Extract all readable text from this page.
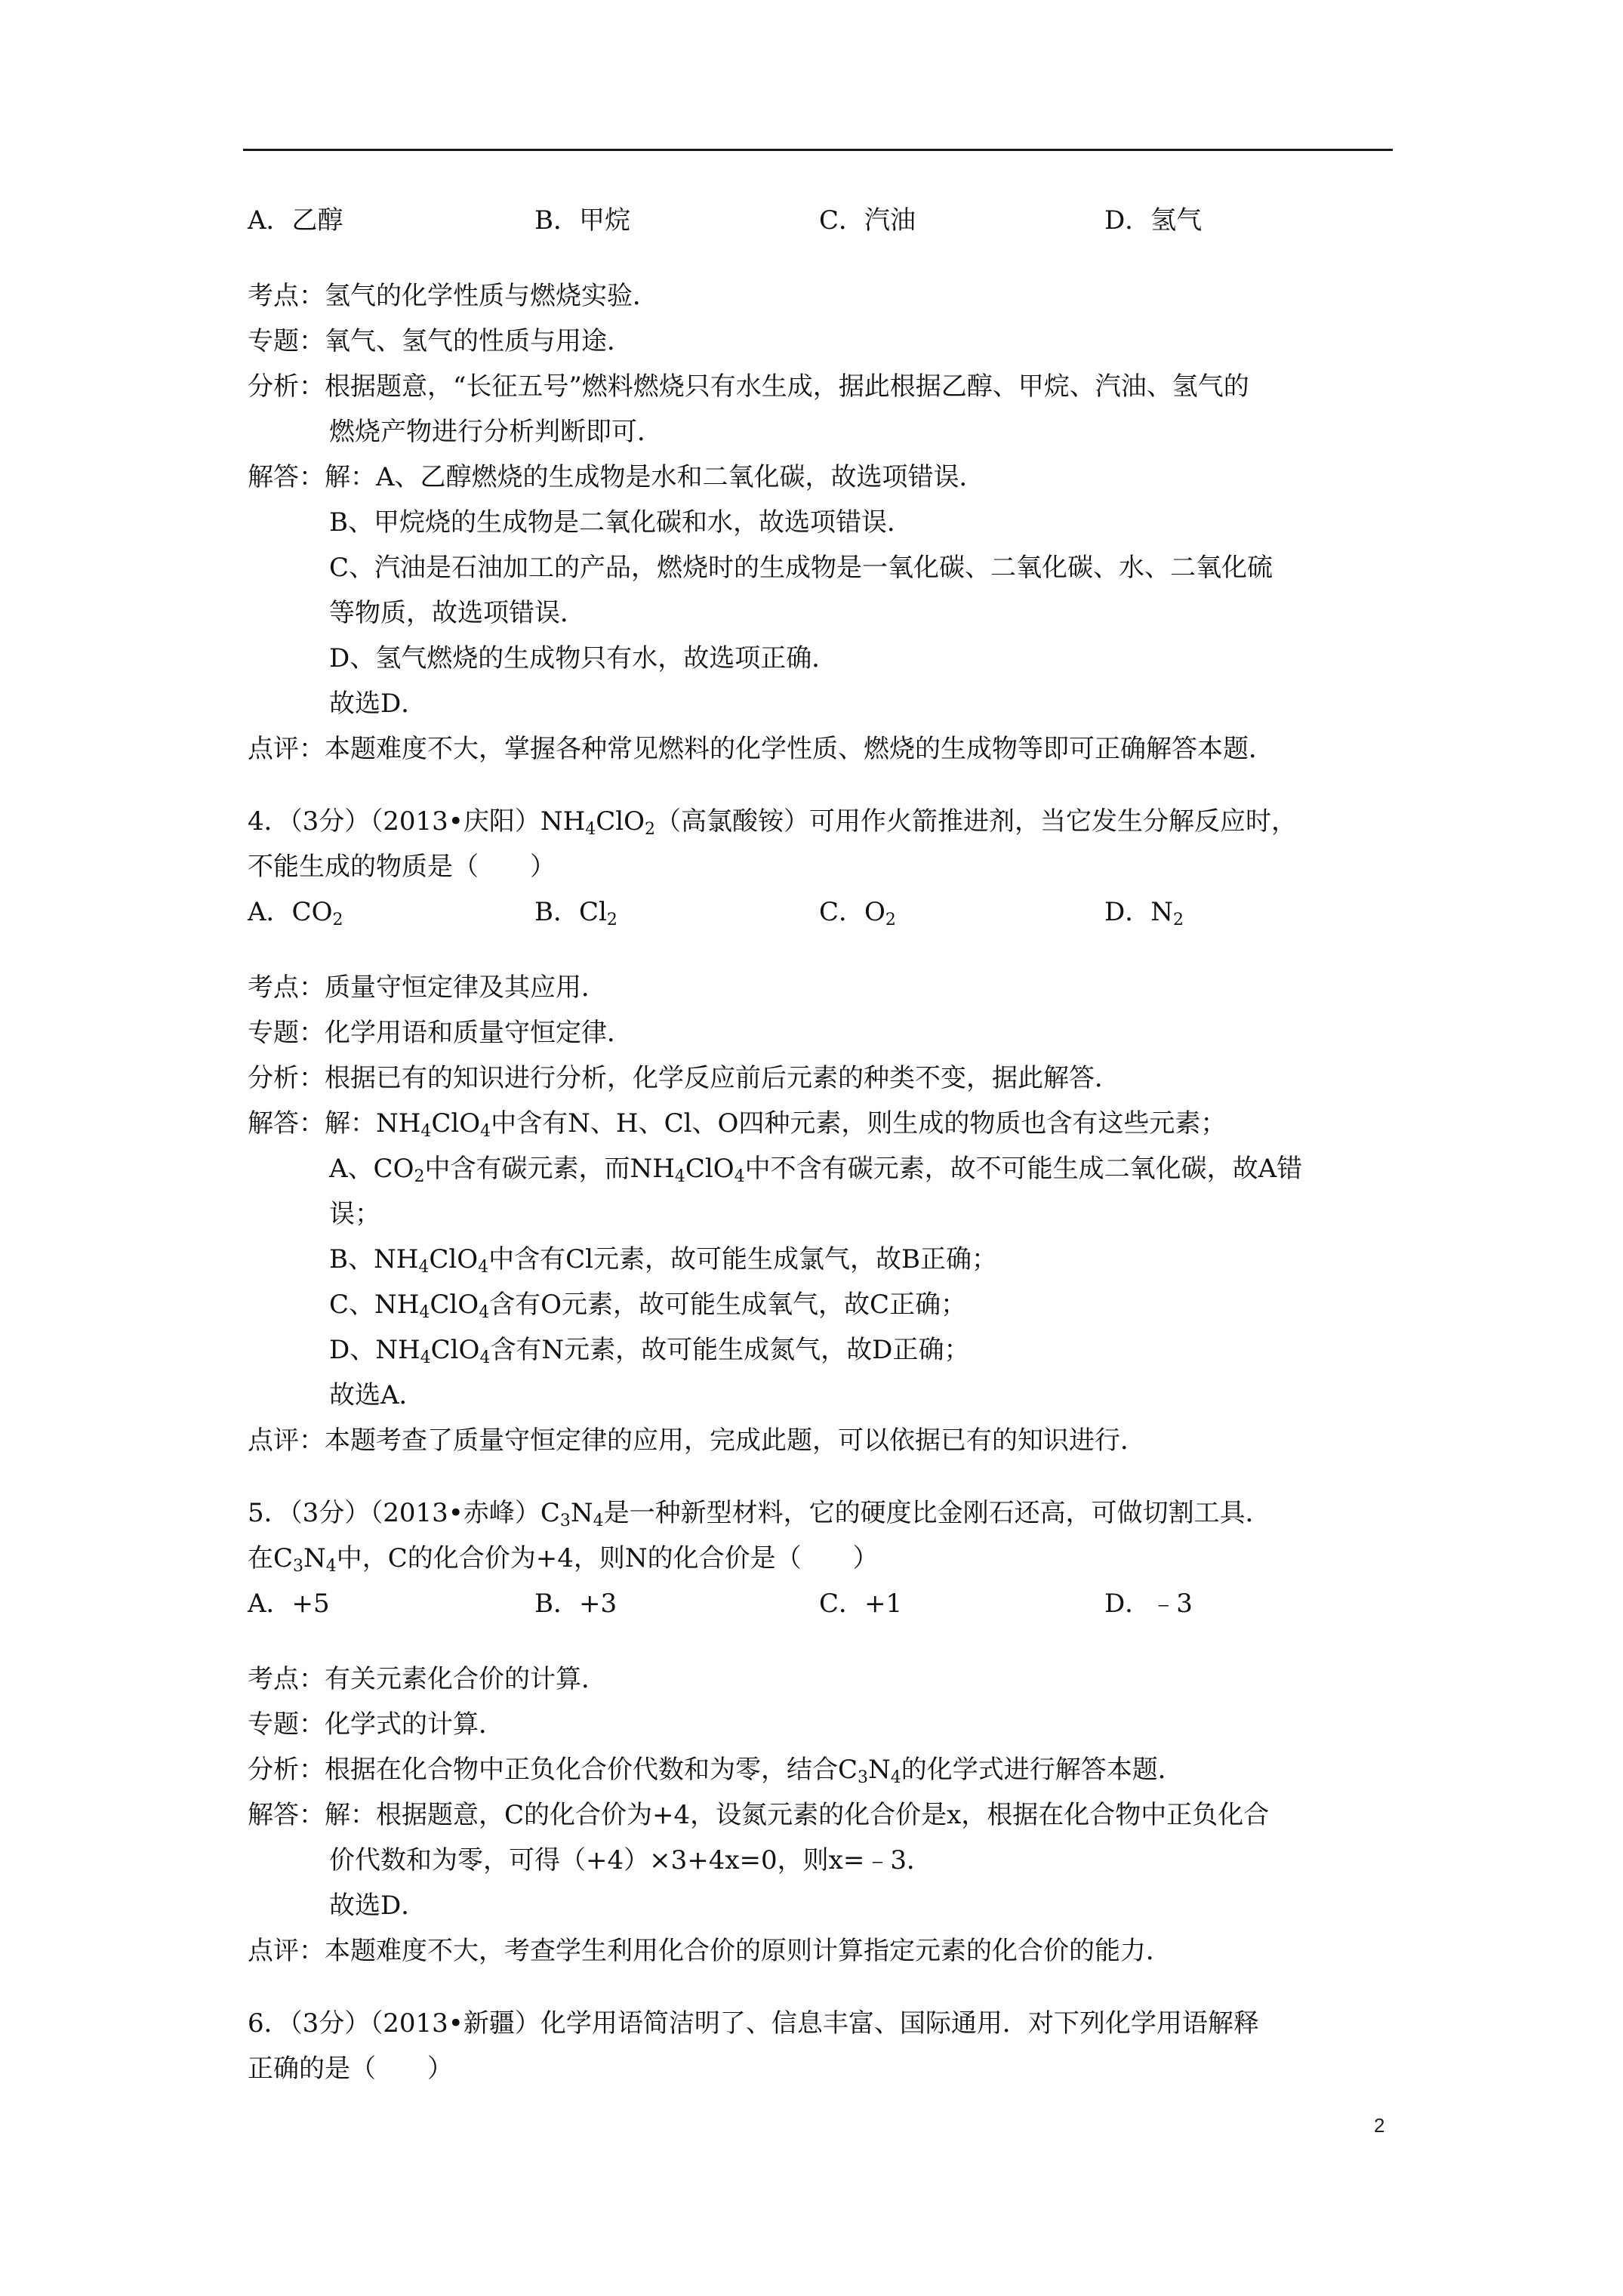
A．乙醇	B．甲烷	C．汽油	D．氢气
考点：氢气的化学性质与燃烧实验．
专题：氧气、氢气的性质与用途．
分析：根据题意，“长征五号”燃料燃烧只有水生成，据此根据乙醇、甲烷、汽油、氢气的
燃烧产物进行分析判断即可．
解答：解：A、乙醇燃烧的生成物是水和二氧化碳，故选项错误．
B、甲烷烧的生成物是二氧化碳和水，故选项错误．
C、汽油是石油加工的产品，燃烧时的生成物是一氧化碳、二氧化碳、水、二氧化硫
等物质，故选项错误．
D、氢气燃烧的生成物只有水，故选项正确．
故选D．
点评：本题难度不大，掌握各种常见燃料的化学性质、燃烧的生成物等即可正确解答本题．
4．（3分）（2013•庆阳）$NH_4ClO_2$（高氯酸铵）可用作火箭推进剂，当它发生分解反应时，
不能生成的物质是（　　）
A．$CO_2$	B．$Cl_2$	C．$O_2$	D．$N_2$
考点：质量守恒定律及其应用．
专题：化学用语和质量守恒定律．
分析：根据已有的知识进行分析，化学反应前后元素的种类不变，据此解答．
解答：解：$NH_4ClO_4$中含有N、H、Cl、O四种元素，则生成的物质也含有这些元素；
A、$CO_2$中含有碳元素，而$NH_4ClO_4$中不含有碳元素，故不可能生成二氧化碳，故A错
误；
B、$NH_4ClO_4$中含有Cl元素，故可能生成氯气，故B正确；
C、$NH_4ClO_4$含有O元素，故可能生成氧气，故C正确；
D、$NH_4ClO_4$含有N元素，故可能生成氮气，故D正确；
故选A．
点评：本题考查了质量守恒定律的应用，完成此题，可以依据已有的知识进行．
5．（3分）（2013•赤峰）$C_3N_4$是一种新型材料，它的硬度比金刚石还高，可做切割工具．
在$C_3N_4$中，C的化合价为+4，则N的化合价是（　　）
A．+5	B．+3	C．+1	D．﹣3
考点：有关元素化合价的计算．
专题：化学式的计算．
分析：根据在化合物中正负化合价代数和为零，结合$C_3N_4$的化学式进行解答本题．
解答：解：根据题意，C的化合价为+4，设氮元素的化合价是x，根据在化合物中正负化合
价代数和为零，可得（+4）×3+4x=0，则x=﹣3．
故选D．
点评：本题难度不大，考查学生利用化合价的原则计算指定元素的化合价的能力．
6．（3分）（2013•新疆）化学用语简洁明了、信息丰富、国际通用．对下列化学用语解释
正确的是（　　）
2
